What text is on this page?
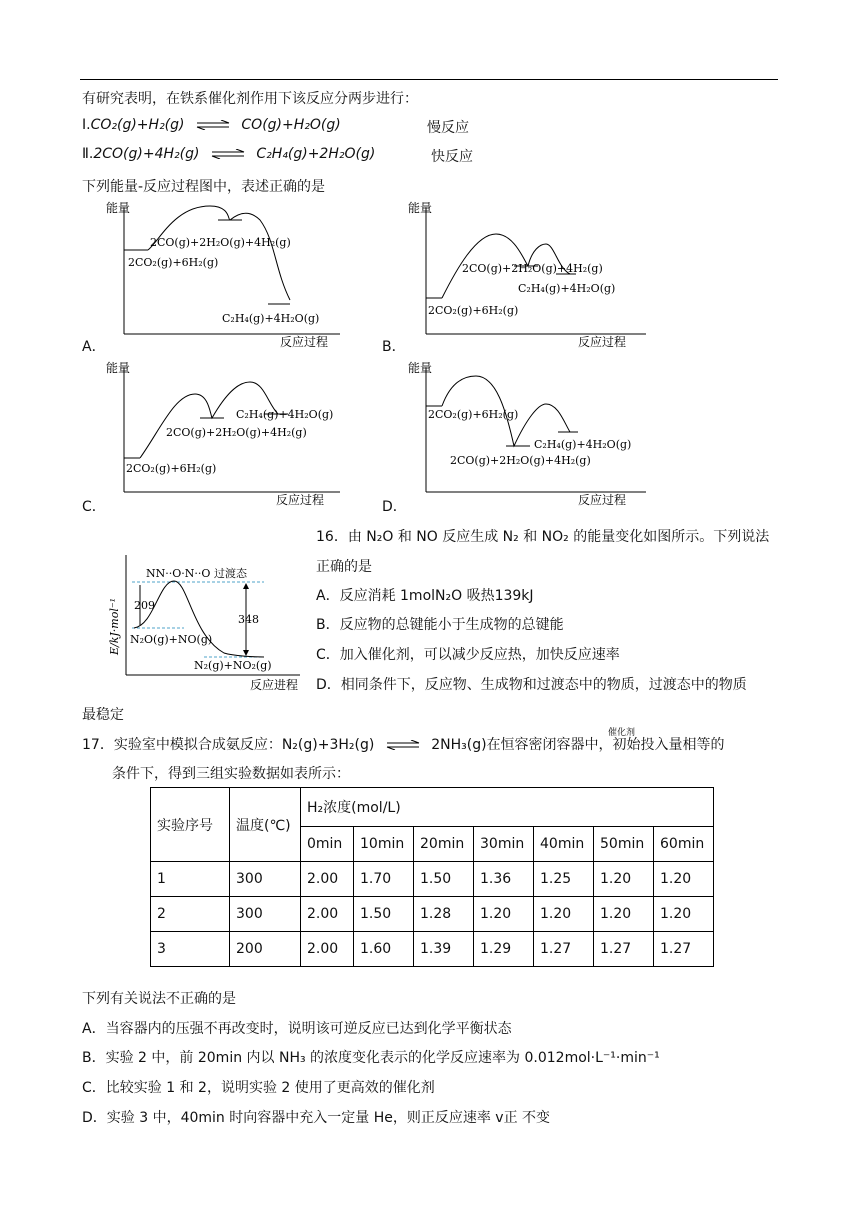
有研究表明，在铁系催化剂作用下该反应分两步进行：
Ⅰ.CO₂(g)+H₂(g) ⇌ CO(g)+H₂O(g)	慢反应
Ⅱ.2CO(g)+4H₂(g) ⇌ C₂H₄(g)+2H₂O(g)	快反应
下列能量-反应过程图中，表述正确的是
能量
2CO(g)+2H₂O(g)+4H₂(g)
2CO₂(g)+6H₂(g)
C₂H₄(g)+4H₂O(g)
反应过程
A．
能量
2CO(g)+2H₂O(g)+4H₂(g)
C₂H₄(g)+4H₂O(g)
2CO₂(g)+6H₂(g)
反应过程
B．
能量
C₂H₄(g)+4H₂O(g)
2CO(g)+2H₂O(g)+4H₂(g)
2CO₂(g)+6H₂(g)
反应过程
C．
能量
2CO₂(g)+6H₂(g)
C₂H₄(g)+4H₂O(g)
2CO(g)+2H₂O(g)+4H₂(g)
反应过程
D．
E/kJ·mol⁻¹
NN··O·N··O 过渡态
209
348
N₂O(g)+NO(g)
N₂(g)+NO₂(g)
反应进程
16．由 N₂O 和 NO 反应生成 N₂ 和 NO₂ 的能量变化如图所示。下列说法
正确的是
A．反应消耗 1molN₂O 吸热139kJ
B．反应物的总键能小于生成物的总键能
C．加入催化剂，可以减少反应热，加快反应速率
D．相同条件下，反应物、生成物和过渡态中的物质，过渡态中的物质
最稳定
17．实验室中模拟合成氨反应：N₂(g)+3H₂(g) ⇌ 2NH₃(g)在恒容密闭容器中，初始投入量相等的
催化剂
条件下，得到三组实验数据如表所示：
实验序号	温度(℃)	H₂浓度(mol/L)						
		0min	10min	20min	30min	40min	50min	60min
1	300	2.00	1.70	1.50	1.36	1.25	1.20	1.20
2	300	2.00	1.50	1.28	1.20	1.20	1.20	1.20
3	200	2.00	1.60	1.39	1.29	1.27	1.27	1.27
下列有关说法不正确的是
A．当容器内的压强不再改变时，说明该可逆反应已达到化学平衡状态
B．实验 2 中，前 20min 内以 NH₃ 的浓度变化表示的化学反应速率为 0.012mol·L⁻¹·min⁻¹
C．比较实验 1 和 2，说明实验 2 使用了更高效的催化剂
D．实验 3 中，40min 时向容器中充入一定量 He，则正反应速率 v正 不变
